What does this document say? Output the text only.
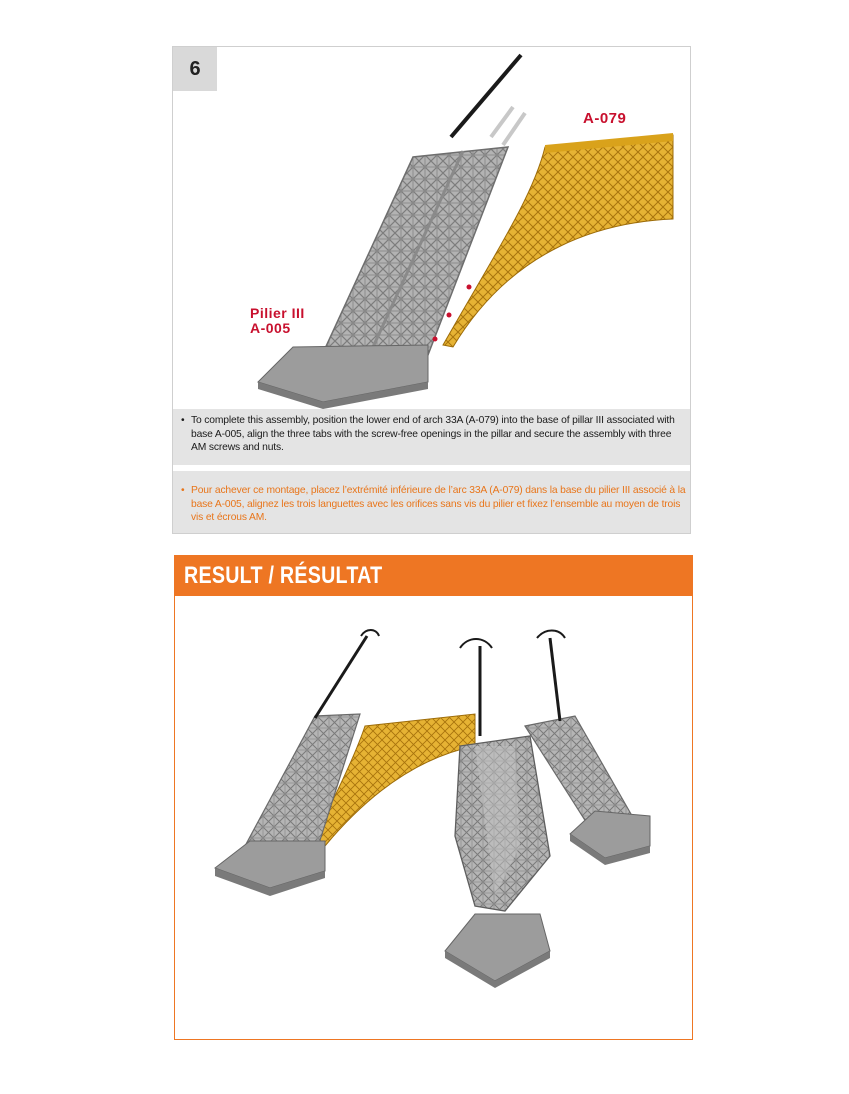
6
A-079
Pilier III
A-005
• To complete this assembly, position the lower end of arch 33A (A-079) into the base of pillar III associated with base A-005, align the three tabs with the screw-free openings in the pillar and secure the assembly with three AM screws and nuts.
• Pour achever ce montage, placez l’extrémité inférieure de l’arc 33A (A-079) dans la base du pilier III associé à la base A-005, alignez les trois languettes avec les orifices sans vis du pilier et fixez l’ensemble au moyen de trois vis et écrous AM.
RESULT / RÉSULTAT
